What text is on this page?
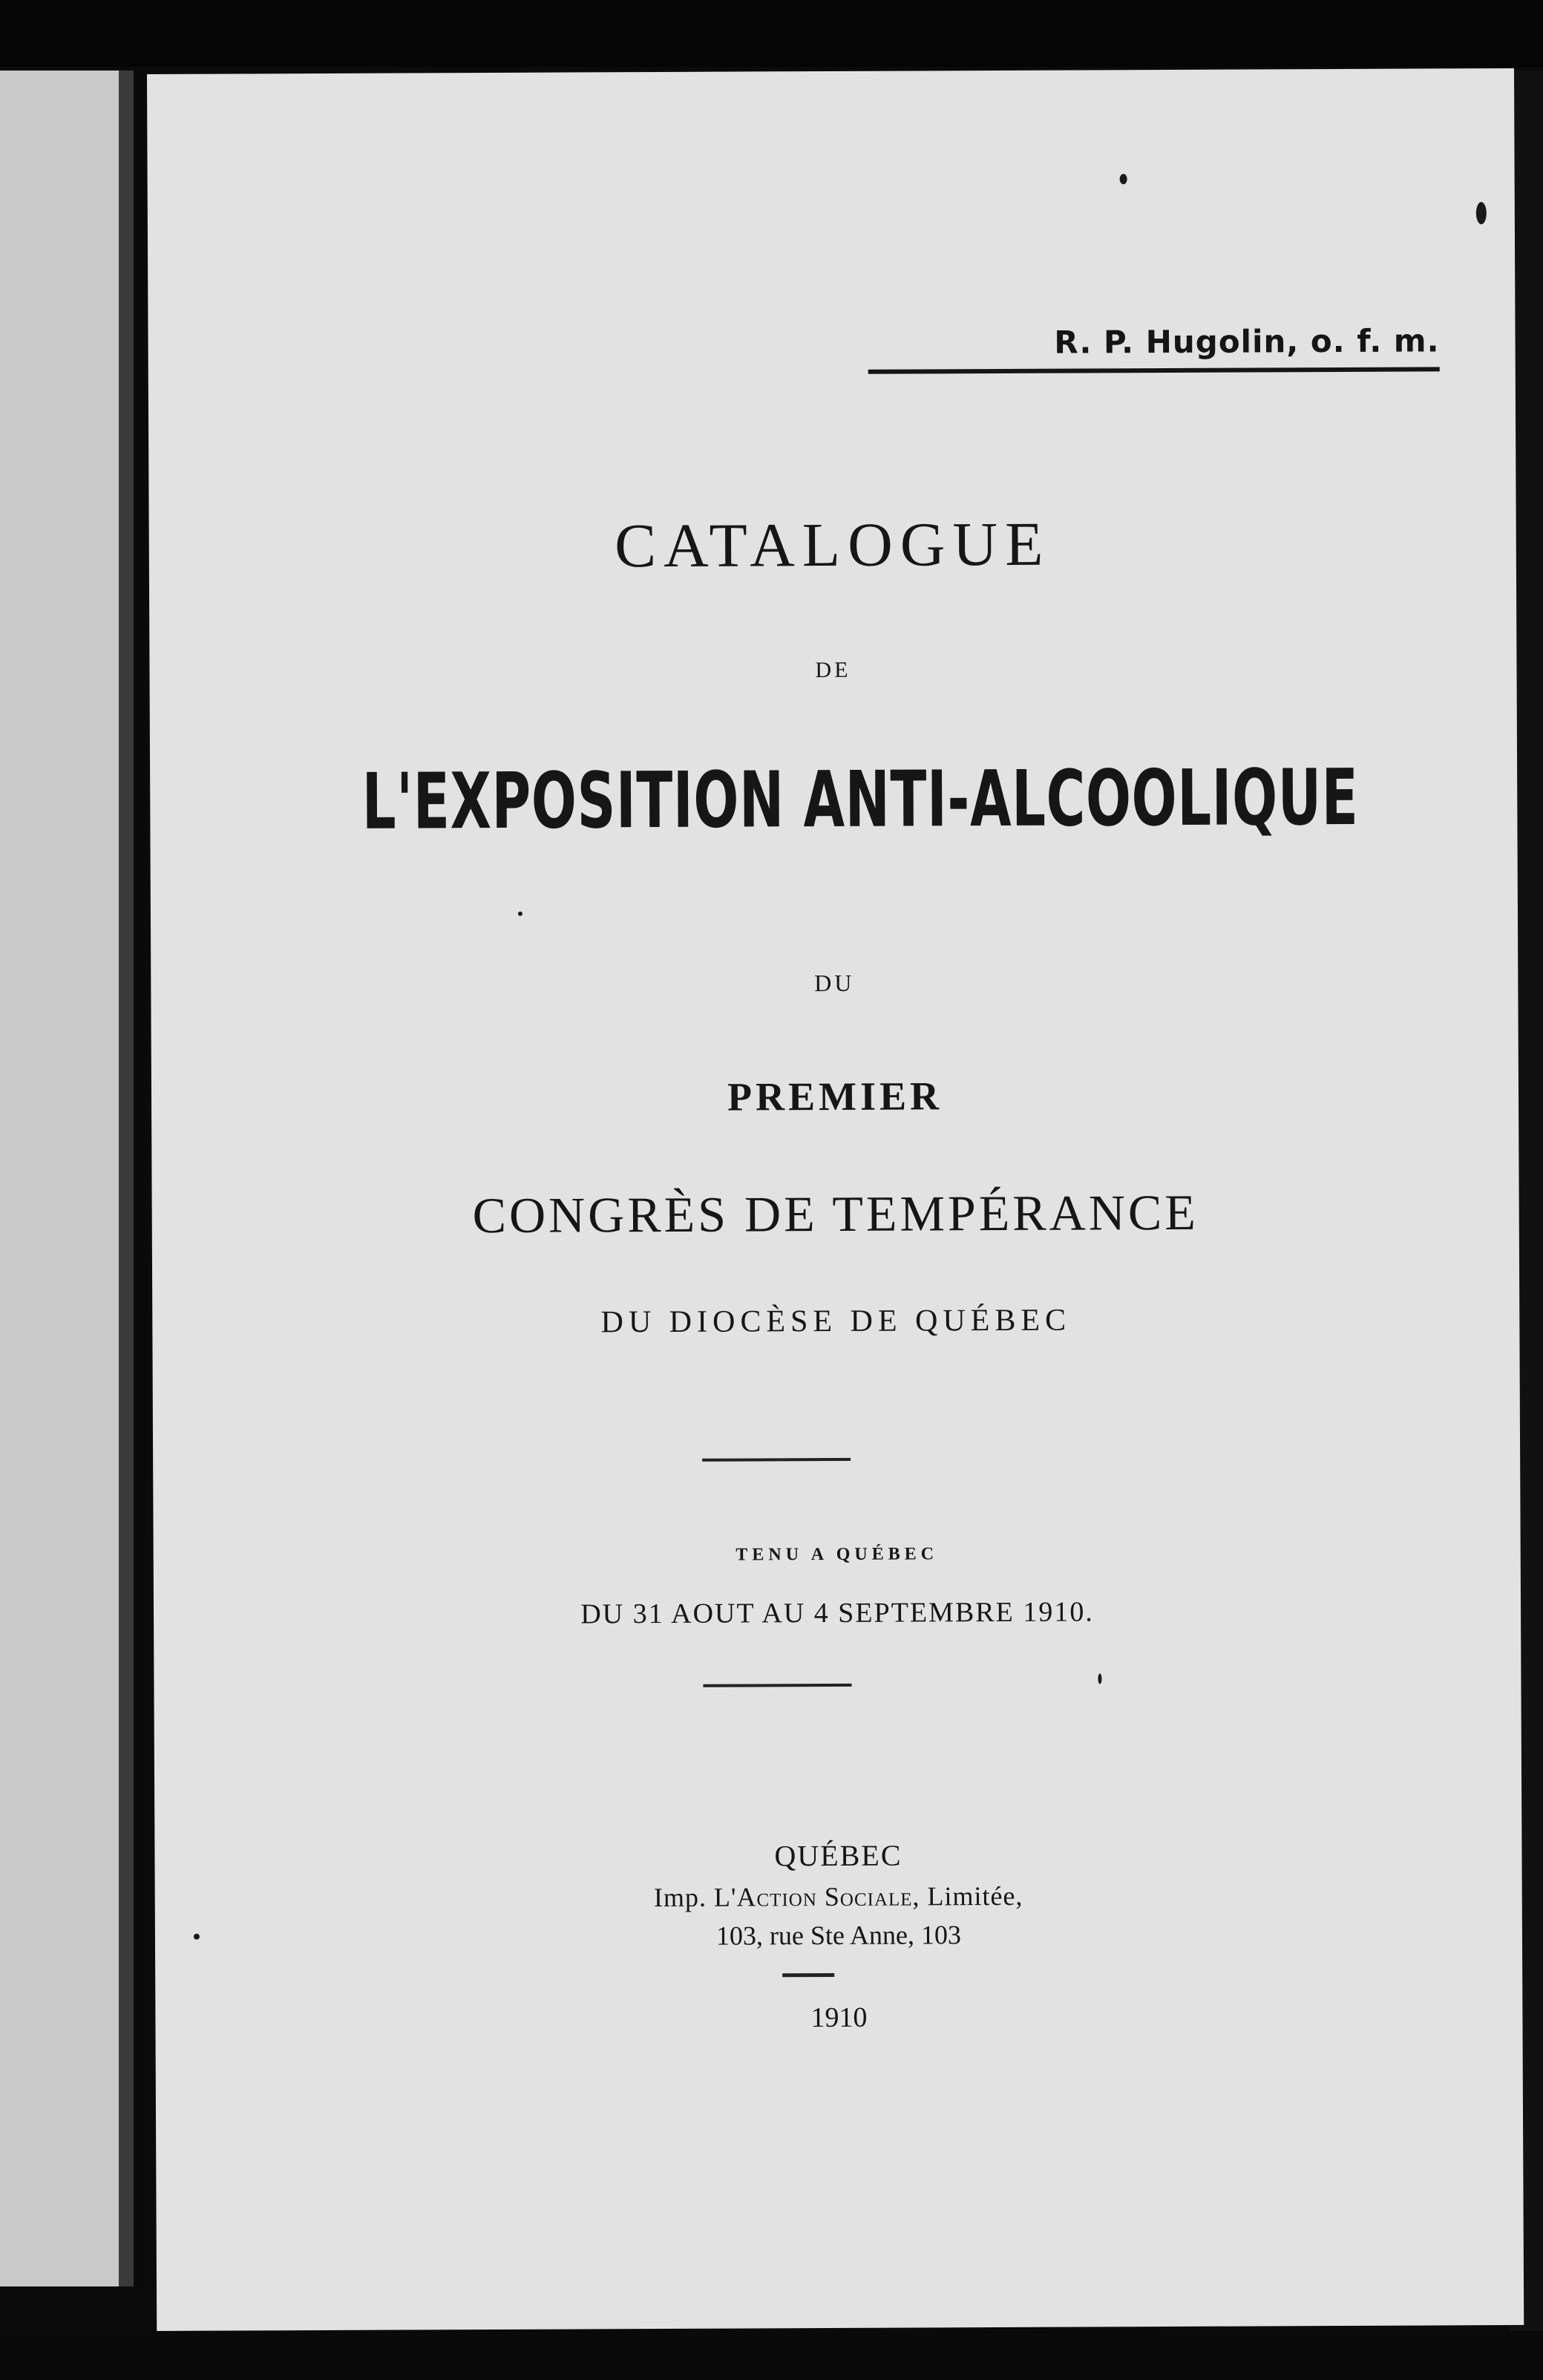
R. P. Hugolin, o. f. m.
CATALOGUE
DE
L'EXPOSITION ANTI-ALCOOLIQUE
DU
PREMIER
CONGRÈS DE TEMPÉRANCE
DU DIOCÈSE DE QUÉBEC
TENU A QUÉBEC
DU 31 AOUT AU 4 SEPTEMBRE 1910.
QUÉBEC
Imp. L'Action Sociale, Limitée,
103, rue Ste Anne, 103
1910
